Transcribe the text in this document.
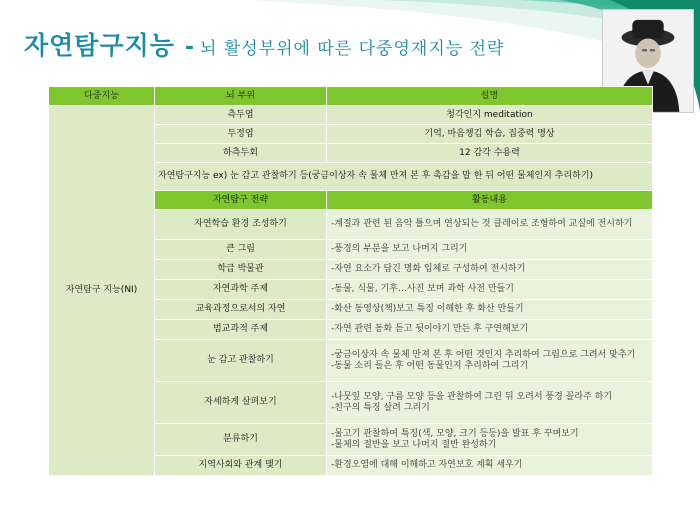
자연탐구지능 - 뇌 활성부위에 따른 다중영재지능 전략
다중지능	뇌 부위	설명
자연탐구 지능(NI)	측두엽	청각인지 meditation
	두정엽	기억, 마음챙김 학습, 집중력 명상
	하측두회	12 감각 수용력
	자연탐구지능 ex) 눈 감고 관찰하기 등(궁금이상자 속 물체 만져 본 후 촉감을 말 한 뒤 어떤 물체인지 추리하기)	
	자연탐구 전략	활동내용
	자연학습 환경 조성하기	-계절과 관련 된 음악 틀으며 연상되는 것 클레이로 조형하여 교실에 전시하기

	큰 그림	-풍경의 부분을 보고 나머지 그리기

	학급 박물관	-자연 요소가 담긴 명화 입체로 구성하여 전시하기

	자연과학 주제	-동물, 식물, 기후…사진 보며 과학 사전 만들기

	교육과정으로서의 자연	-화산 동영상(책)보고 특징 이해한 후 화산 만들기

	범교과적 주제	-자연 관련 동화 듣고 뒷이야기 만든 후 구연해보기

	눈 감고 관찰하기	-궁금이상자 속 물체 만져 본 후 어떤 것인지 추리하여 그림으로 그려서 맞추기
-동물 소리 들은 후 어떤 동물인지 추리하여 그리기

	자세하게 살펴보기	-나뭇잎 모양, 구름 모양 등을 관찰하여 그린 뒤 오려서 풍경 꼴라주 하기
-친구의 특징 살려 그리기

	분류하기	-물고기 관찰하여 특징(색, 모양, 크기 등등)을 발표 후 꾸며보기
-물체의 절반을 보고 나머지 절반 완성하기

	지역사회와 관계 맺기	-환경오염에 대해 이해하고 자연보호 계획 세우기
